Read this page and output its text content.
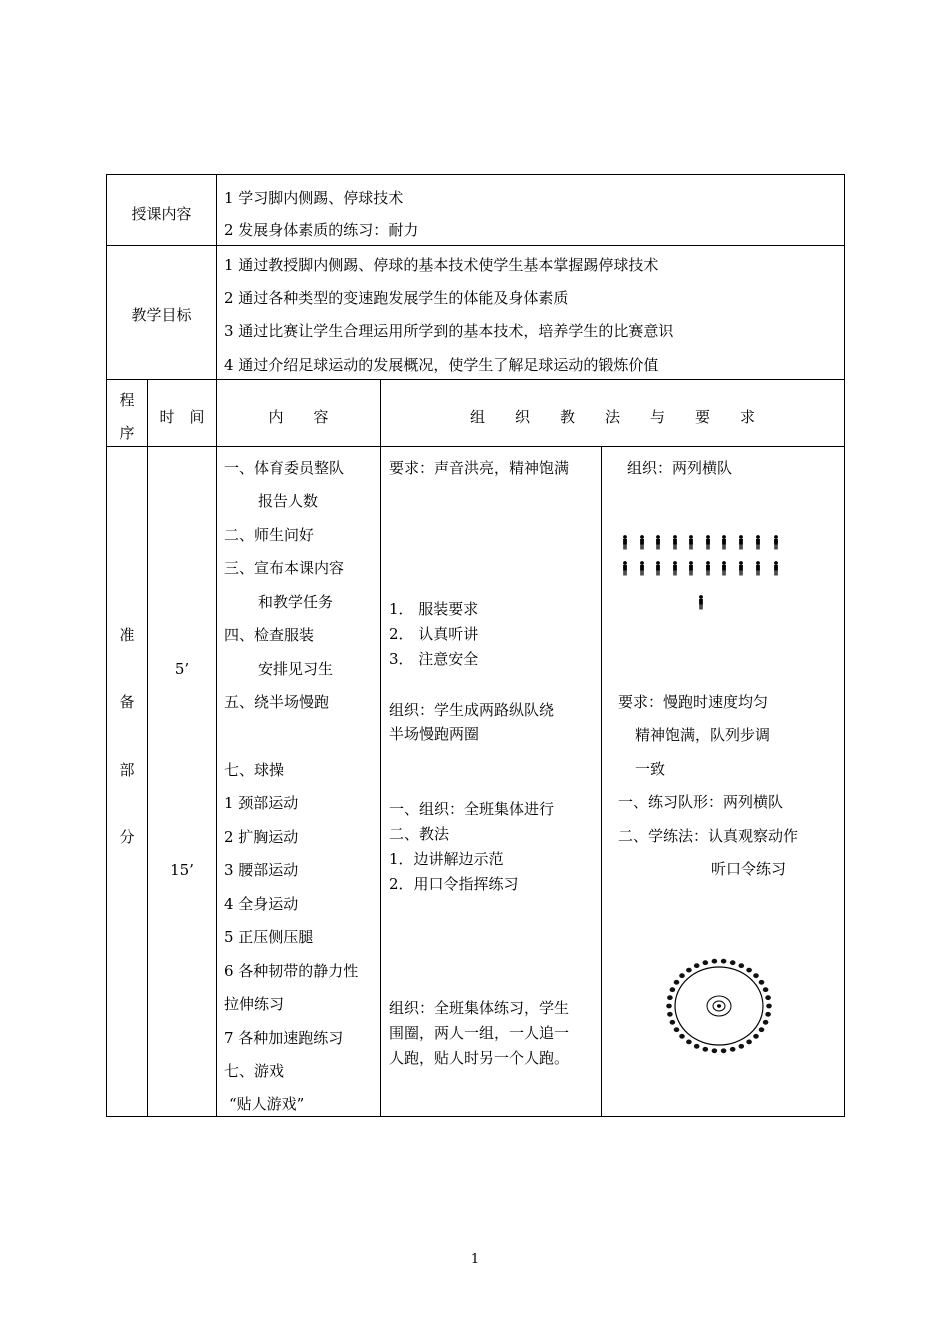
授课内容
1 学习脚内侧踢、停球技术
2 发展身体素质的练习：耐力
教学目标
1 通过教授脚内侧踢、停球的基本技术使学生基本掌握踢停球技术
2 通过各种类型的变速跑发展学生的体能及身体素质
3 通过比赛让学生合理运用所学到的基本技术，培养学生的比赛意识
4 通过介绍足球运动的发展概况，使学生了解足球运动的锻炼价值
程
序
时　间	内　　容	组　　织　　教　　法　　与　　要　　求
准
备
部
分
5’
15’
一、体育委员整队
报告人数
二、师生问好
三、宣布本课内容
和教学任务
四、检查服装
安排见习生
五、绕半场慢跑
七、球操
1 颈部运动
2 扩胸运动
3 腰部运动
4 全身运动
5 正压侧压腿
6 各种韧带的静力性
拉伸练习
7 各种加速跑练习
七、游戏
“贴人游戏”
要求：声音洪亮，精神饱满
1． 服装要求
2． 认真听讲
3． 注意安全
组织：学生成两路纵队绕
半场慢跑两圈
一、组织：全班集体进行
二、教法
1．边讲解边示范
2．用口令指挥练习
组织：全班集体练习，学生
围圈，两人一组，一人追一
人跑，贴人时另一个人跑。
组织：两列横队
要求：慢跑时速度均匀
精神饱满，队列步调
一致
一、练习队形：两列横队
二、学练法：认真观察动作
听口令练习
1
